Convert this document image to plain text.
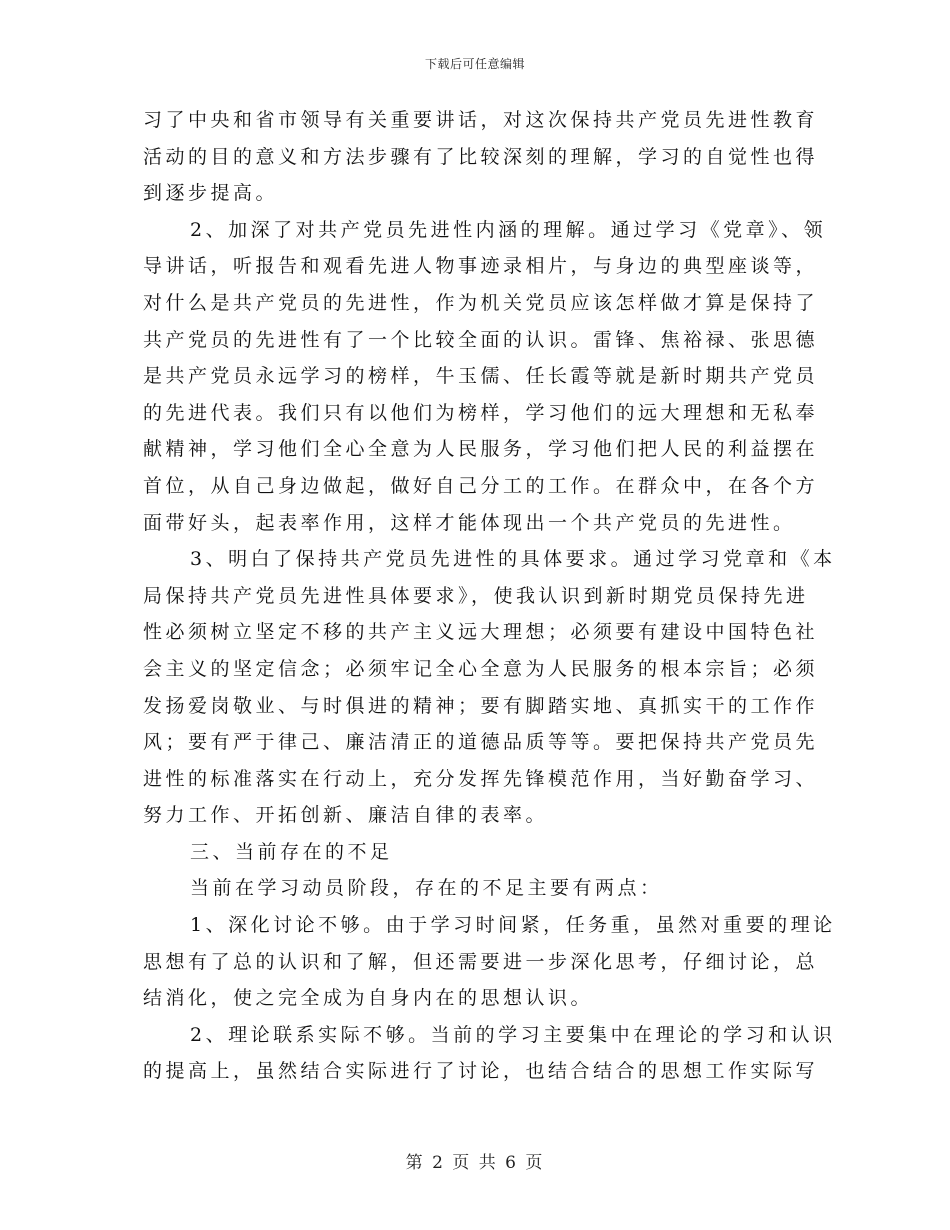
下载后可任意编辑
习了中央和省市领导有关重要讲话，对这次保持共产党员先进性教育
活动的目的意义和方法步骤有了比较深刻的理解，学习的自觉性也得
到逐步提高。
2、加深了对共产党员先进性内涵的理解。通过学习《党章》、领
导讲话，听报告和观看先进人物事迹录相片，与身边的典型座谈等，
对什么是共产党员的先进性，作为机关党员应该怎样做才算是保持了
共产党员的先进性有了一个比较全面的认识。雷锋、焦裕禄、张思德
是共产党员永远学习的榜样，牛玉儒、任长霞等就是新时期共产党员
的先进代表。我们只有以他们为榜样，学习他们的远大理想和无私奉
献精神，学习他们全心全意为人民服务，学习他们把人民的利益摆在
首位，从自己身边做起，做好自己分工的工作。在群众中，在各个方
面带好头，起表率作用，这样才能体现出一个共产党员的先进性。
3、明白了保持共产党员先进性的具体要求。通过学习党章和《本
局保持共产党员先进性具体要求》，使我认识到新时期党员保持先进
性必须树立坚定不移的共产主义远大理想；必须要有建设中国特色社
会主义的坚定信念；必须牢记全心全意为人民服务的根本宗旨；必须
发扬爱岗敬业、与时俱进的精神；要有脚踏实地、真抓实干的工作作
风；要有严于律己、廉洁清正的道德品质等等。要把保持共产党员先
进性的标准落实在行动上，充分发挥先锋模范作用，当好勤奋学习、
努力工作、开拓创新、廉洁自律的表率。
三、当前存在的不足
当前在学习动员阶段，存在的不足主要有两点：
1、深化讨论不够。由于学习时间紧，任务重，虽然对重要的理论
思想有了总的认识和了解，但还需要进一步深化思考，仔细讨论，总
结消化，使之完全成为自身内在的思想认识。
2、理论联系实际不够。当前的学习主要集中在理论的学习和认识
的提高上，虽然结合实际进行了讨论，也结合结合的思想工作实际写
第 2 页 共 6 页
